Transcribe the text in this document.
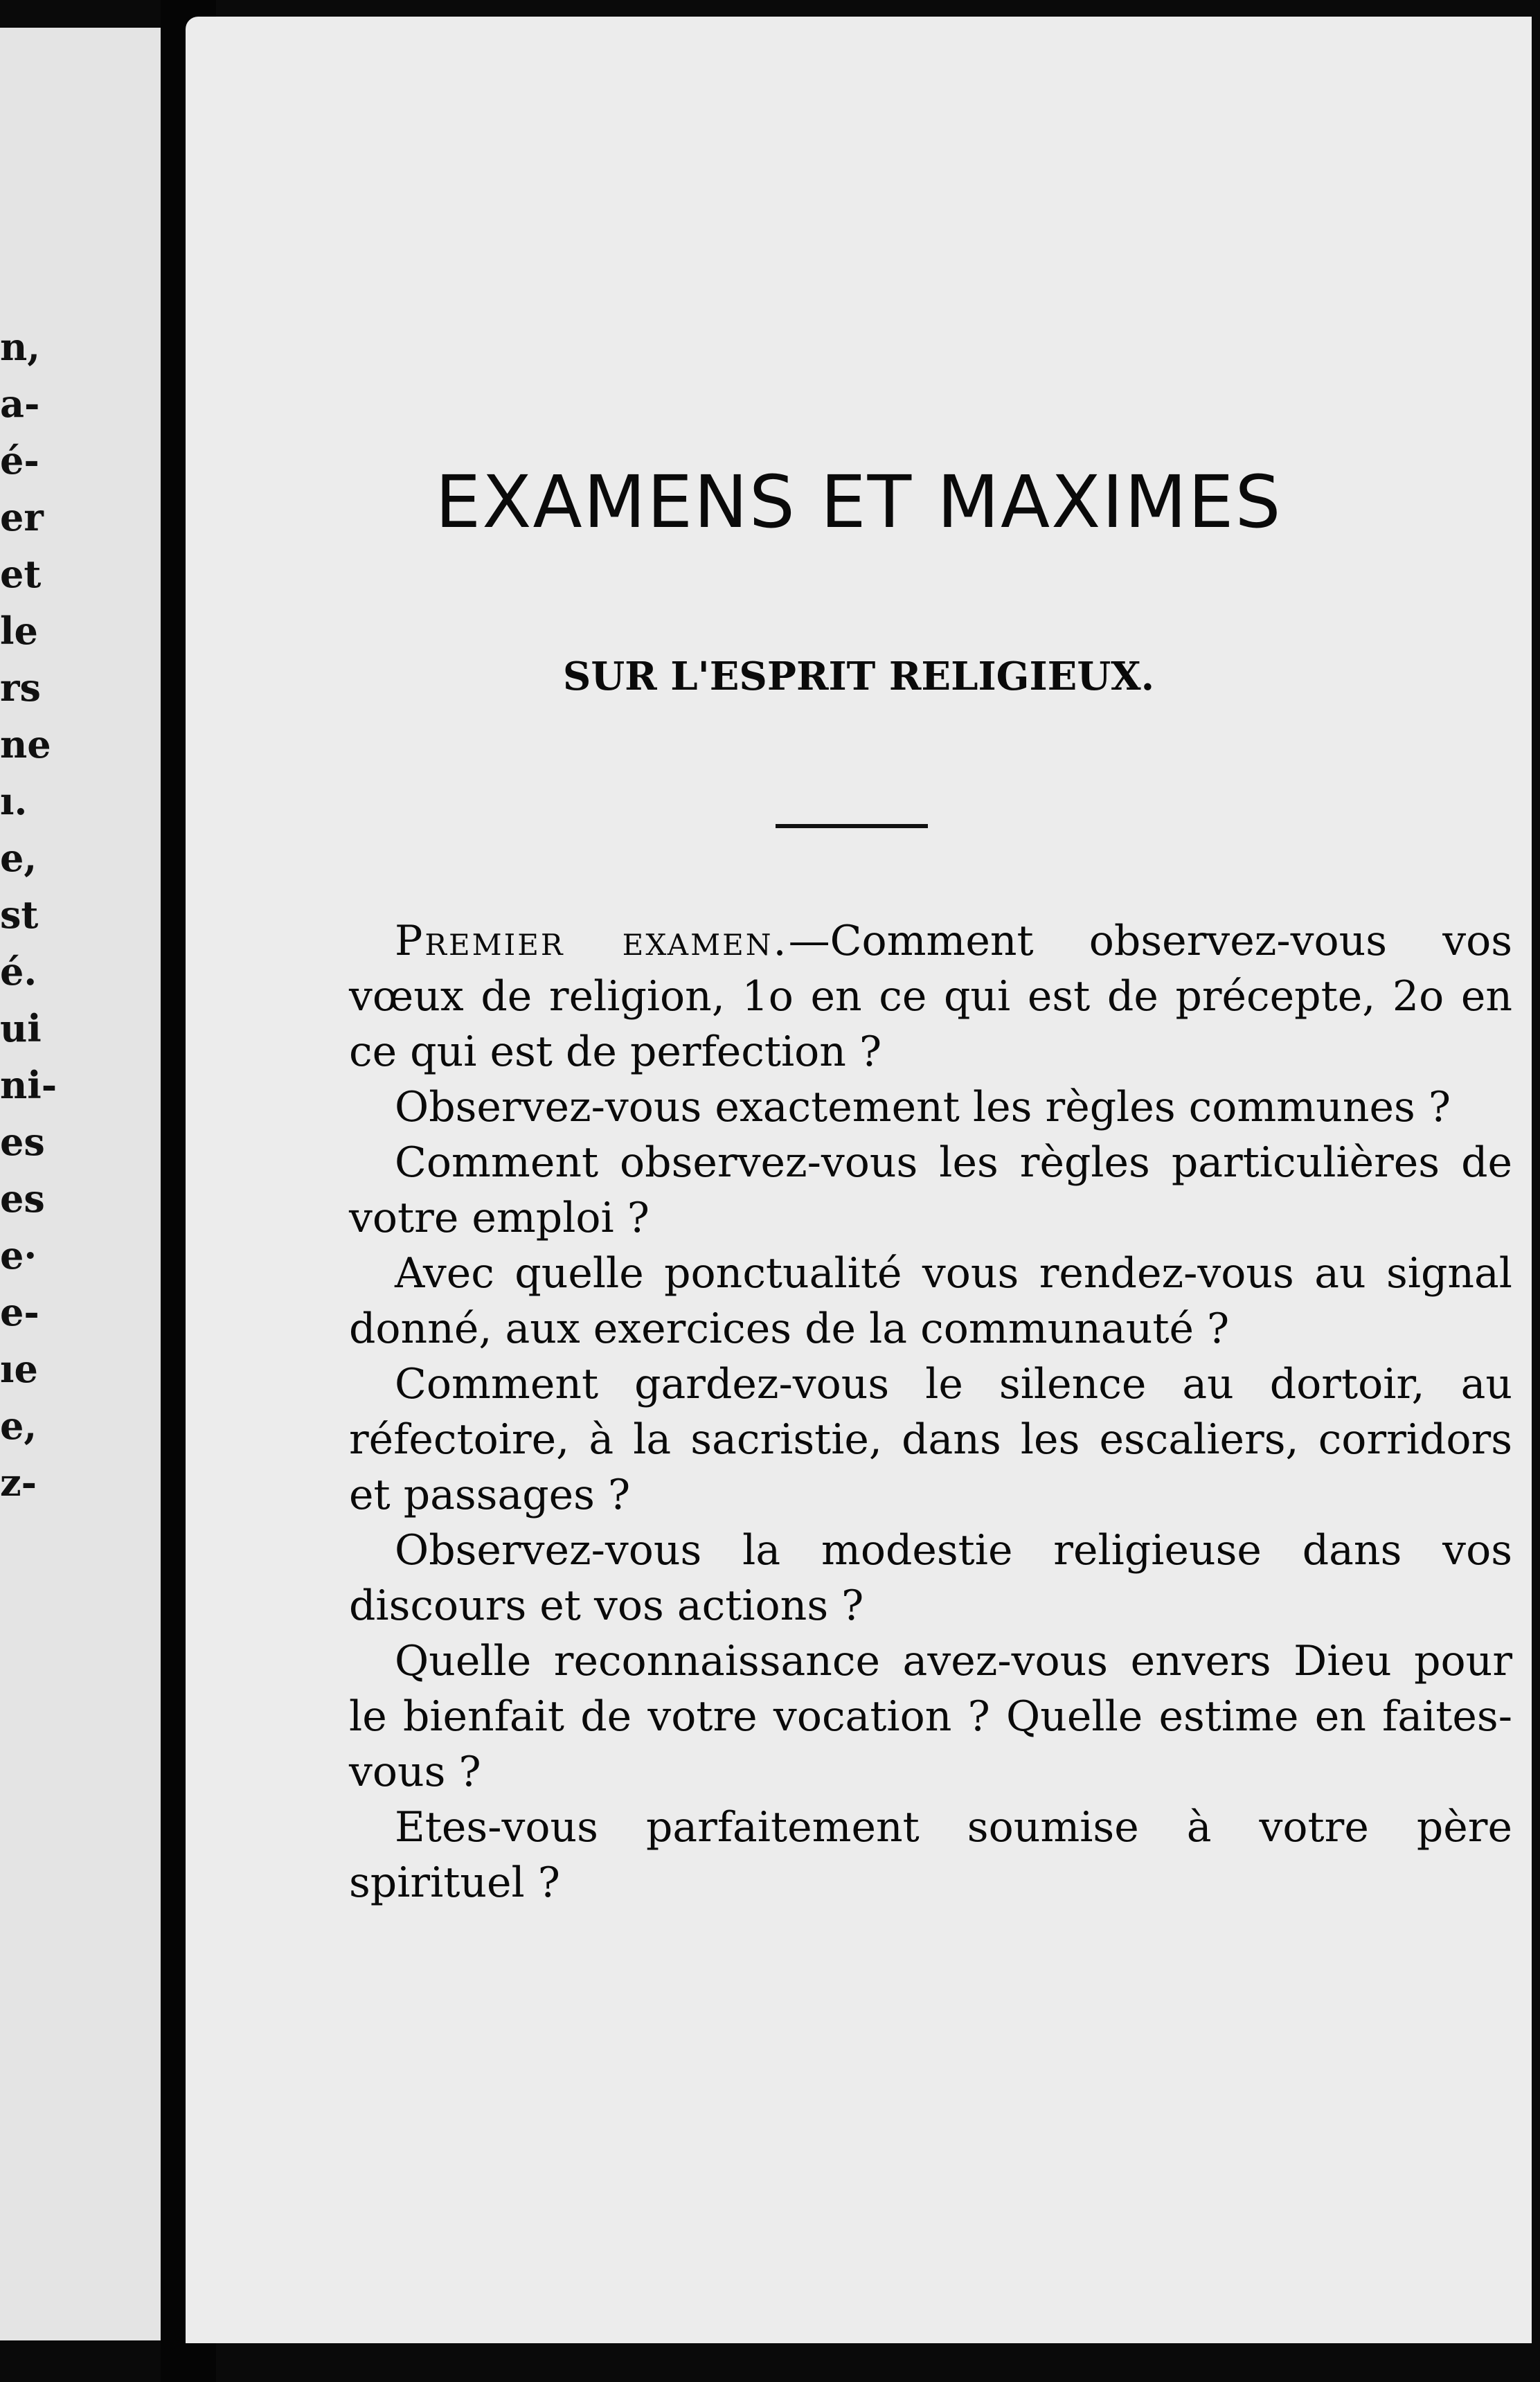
n,
a-
é-
er
et
le
rs
ne
ı.
e,
st
é.
ui
ni-
es
es
e·
e-
ıe
e,
z-
EXAMENS ET MAXIMES
SUR L'ESPRIT RELIGIEUX.

Premier examen.—Comment observez-vous vos vœux de religion, 1o en ce qui est de précepte, 2o en ce qui est de perfection ?

Observez-vous exactement les règles communes ?

Comment observez-vous les règles particulières de votre emploi ?

Avec quelle ponctualité vous rendez-vous au signal donné, aux exercices de la communauté ?

Comment gardez-vous le silence au dortoir, au réfectoire, à la sacristie, dans les escaliers, corridors et passages ?

Observez-vous la modestie religieuse dans vos discours et vos actions ?

Quelle reconnaissance avez-vous envers Dieu pour le bienfait de votre vocation ? Quelle estime en faites-vous ?

Etes-vous parfaitement soumise à votre père spirituel ?
